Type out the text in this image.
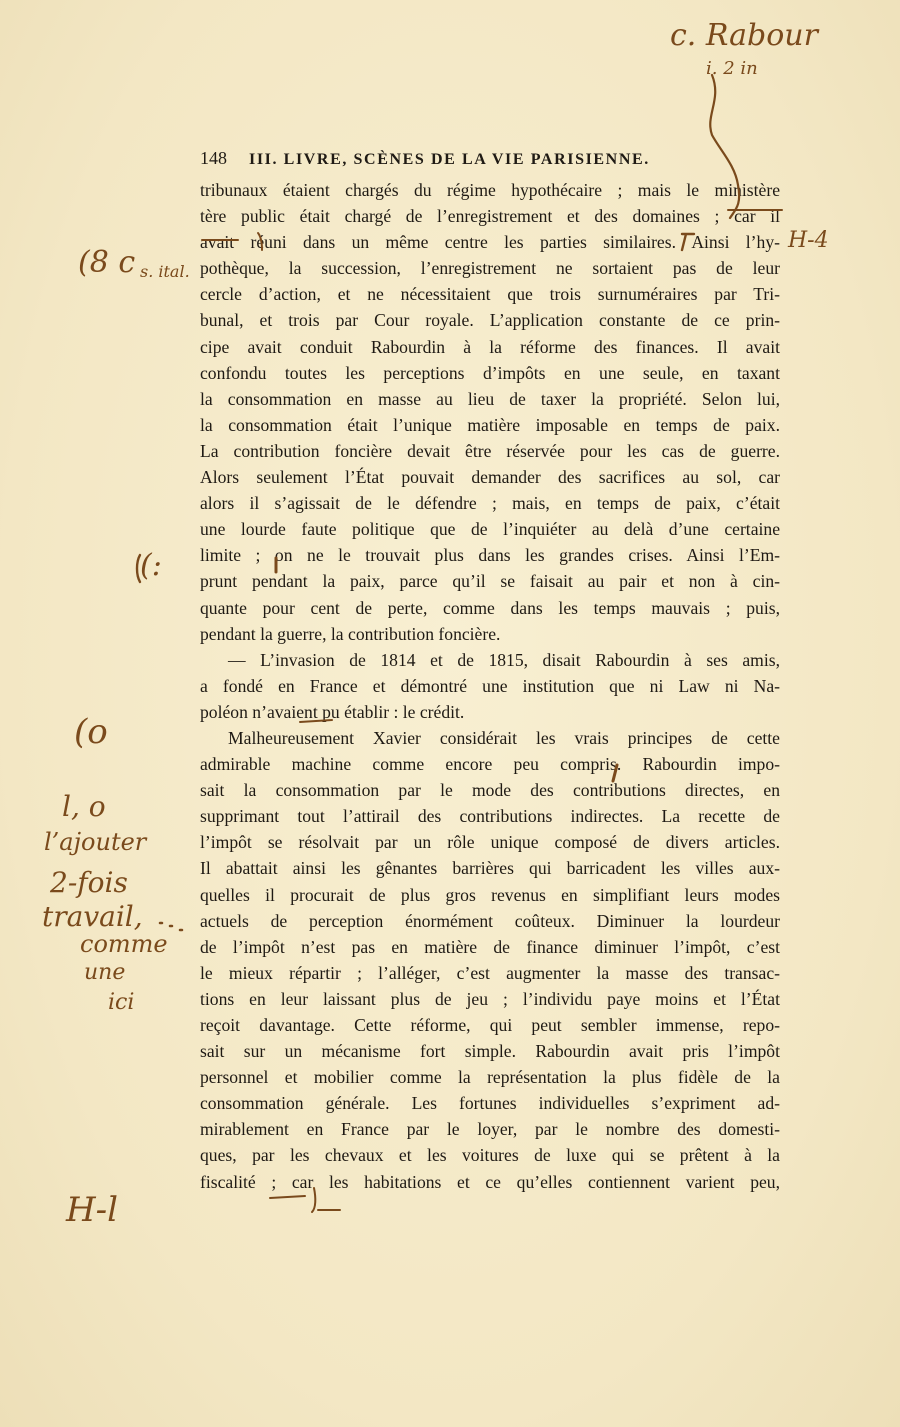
148 III. LIVRE, SCÈNES DE LA VIE PARISIENNE.
tribunaux étaient chargés du régime hypothécaire ; mais le ministère
tère public était chargé de l’enregistrement et des domaines ; car il
avait réuni dans un même centre les parties similaires. Ainsi l’hy-
pothèque, la succession, l’enregistrement ne sortaient pas de leur
cercle d’action, et ne nécessitaient que trois surnuméraires par Tri-
bunal, et trois par Cour royale. L’application constante de ce prin-
cipe avait conduit Rabourdin à la réforme des finances. Il avait
confondu toutes les perceptions d’impôts en une seule, en taxant
la consommation en masse au lieu de taxer la propriété. Selon lui,
la consommation était l’unique matière imposable en temps de paix.
La contribution foncière devait être réservée pour les cas de guerre.
Alors seulement l’État pouvait demander des sacrifices au sol, car
alors il s’agissait de le défendre ; mais, en temps de paix, c’était
une lourde faute politique que de l’inquiéter au delà d’une certaine
limite ; on ne le trouvait plus dans les grandes crises. Ainsi l’Em-
prunt pendant la paix, parce qu’il se faisait au pair et non à cin-
quante pour cent de perte, comme dans les temps mauvais ; puis,
pendant la guerre, la contribution foncière.
— L’invasion de 1814 et de 1815, disait Rabourdin à ses amis,
a fondé en France et démontré une institution que ni Law ni Na-
poléon n’avaient pu établir : le crédit.
Malheureusement Xavier considérait les vrais principes de cette
admirable machine comme encore peu compris. Rabourdin impo-
sait la consommation par le mode des contributions directes, en
supprimant tout l’attirail des contributions indirectes. La recette de
l’impôt se résolvait par un rôle unique composé de divers articles.
Il abattait ainsi les gênantes barrières qui barricadent les villes aux-
quelles il procurait de plus gros revenus en simplifiant leurs modes
actuels de perception énormément coûteux. Diminuer la lourdeur
de l’impôt n’est pas en matière de finance diminuer l’impôt, c’est
le mieux répartir ; l’alléger, c’est augmenter la masse des transac-
tions en leur laissant plus de jeu ; l’individu paye moins et l’État
reçoit davantage. Cette réforme, qui peut sembler immense, repo-
sait sur un mécanisme fort simple. Rabourdin avait pris l’impôt
personnel et mobilier comme la représentation la plus fidèle de la
consommation générale. Les fortunes individuelles s’expriment ad-
mirablement en France par le loyer, par le nombre des domesti-
ques, par les chevaux et les voitures de luxe qui se prêtent à la
fiscalité ; car les habitations et ce qu’elles contiennent varient peu,
c. Rabour
i. 2 in
H-4
(8 c s. ital.
(:
(o
l, o
l’ajouter
2-fois
travail,
comme
une
ici
H-l
